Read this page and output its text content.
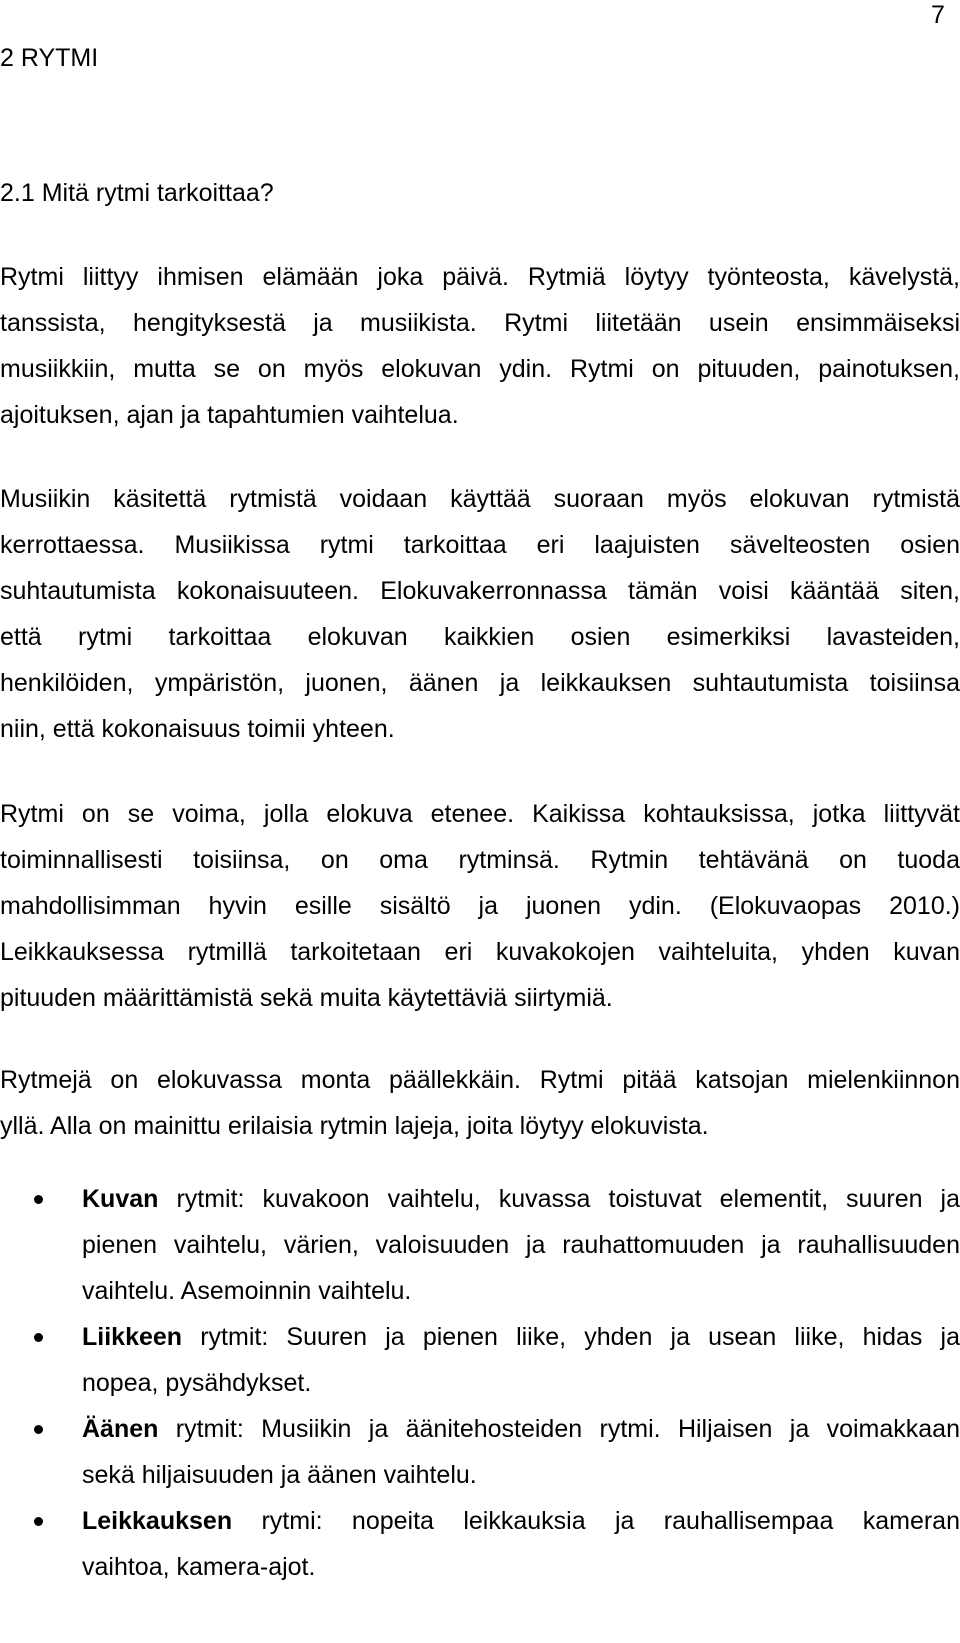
7
2 RYTMI
2.1 Mitä rytmi tarkoittaa?
Rytmi liittyy ihmisen elämään joka päivä. Rytmiä löytyy työnteosta, kävelystä,
tanssista, hengityksestä ja musiikista. Rytmi liitetään usein ensimmäiseksi
musiikkiin, mutta se on myös elokuvan ydin. Rytmi on pituuden, painotuksen,
ajoituksen, ajan ja tapahtumien vaihtelua.
Musiikin käsitettä rytmistä voidaan käyttää suoraan myös elokuvan rytmistä
kerrottaessa. Musiikissa rytmi tarkoittaa eri laajuisten sävelteosten osien
suhtautumista kokonaisuuteen. Elokuvakerronnassa tämän voisi kääntää siten,
että rytmi tarkoittaa elokuvan kaikkien osien esimerkiksi lavasteiden,
henkilöiden, ympäristön, juonen, äänen ja leikkauksen suhtautumista toisiinsa
niin, että kokonaisuus toimii yhteen.
Rytmi on se voima, jolla elokuva etenee. Kaikissa kohtauksissa, jotka liittyvät
toiminnallisesti toisiinsa, on oma rytminsä. Rytmin tehtävänä on tuoda
mahdollisimman hyvin esille sisältö ja juonen ydin. (Elokuvaopas 2010.)
Leikkauksessa rytmillä tarkoitetaan eri kuvakokojen vaihteluita, yhden kuvan
pituuden määrittämistä sekä muita käytettäviä siirtymiä.
Rytmejä on elokuvassa monta päällekkäin. Rytmi pitää katsojan mielenkiinnon
yllä. Alla on mainittu erilaisia rytmin lajeja, joita löytyy elokuvista.
Kuvan rytmit: kuvakoon vaihtelu, kuvassa toistuvat elementit, suuren ja
pienen vaihtelu, värien, valoisuuden ja rauhattomuuden ja rauhallisuuden
vaihtelu. Asemoinnin vaihtelu.
Liikkeen rytmit: Suuren ja pienen liike, yhden ja usean liike, hidas ja
nopea, pysähdykset.
Äänen rytmit: Musiikin ja äänitehosteiden rytmi. Hiljaisen ja voimakkaan
sekä hiljaisuuden ja äänen vaihtelu.
Leikkauksen rytmi: nopeita leikkauksia ja rauhallisempaa kameran
vaihtoa, kamera-ajot.
